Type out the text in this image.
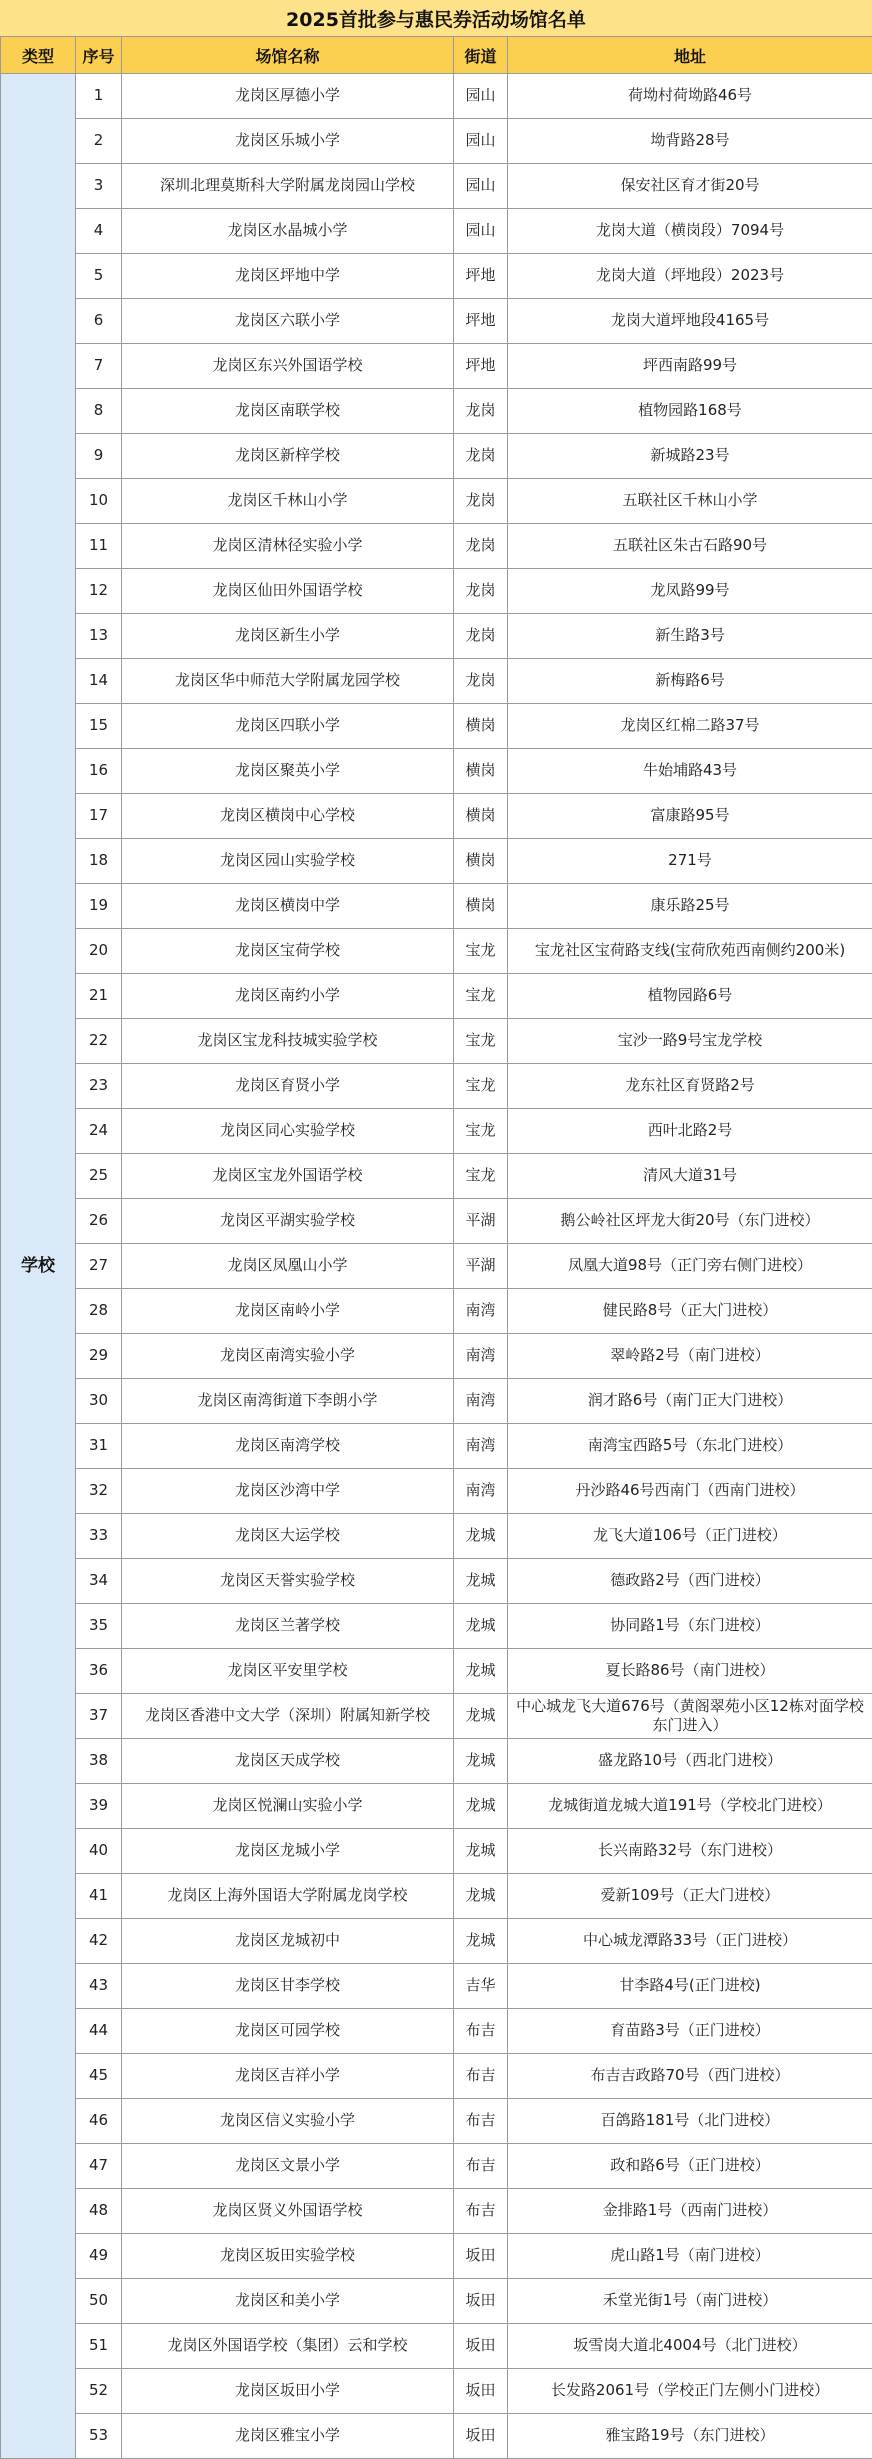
2025首批参与惠民券活动场馆名单
类型	序号	场馆名称	街道	地址
学校	1	龙岗区厚德小学	园山	荷坳村荷坳路46号
	2	龙岗区乐城小学	园山	坳背路28号
	3	深圳北理莫斯科大学附属龙岗园山学校	园山	保安社区育才街20号
	4	龙岗区水晶城小学	园山	龙岗大道（横岗段）7094号
	5	龙岗区坪地中学	坪地	龙岗大道（坪地段）2023号
	6	龙岗区六联小学	坪地	龙岗大道坪地段4165号
	7	龙岗区东兴外国语学校	坪地	坪西南路99号
	8	龙岗区南联学校	龙岗	植物园路168号
	9	龙岗区新梓学校	龙岗	新城路23号
	10	龙岗区千林山小学	龙岗	五联社区千林山小学
	11	龙岗区清林径实验小学	龙岗	五联社区朱古石路90号
	12	龙岗区仙田外国语学校	龙岗	龙凤路99号
	13	龙岗区新生小学	龙岗	新生路3号
	14	龙岗区华中师范大学附属龙园学校	龙岗	新梅路6号
	15	龙岗区四联小学	横岗	龙岗区红棉二路37号
	16	龙岗区聚英小学	横岗	牛始埔路43号
	17	龙岗区横岗中心学校	横岗	富康路95号
	18	龙岗区园山实验学校	横岗	271号
	19	龙岗区横岗中学	横岗	康乐路25号
	20	龙岗区宝荷学校	宝龙	宝龙社区宝荷路支线(宝荷欣苑西南侧约200米)
	21	龙岗区南约小学	宝龙	植物园路6号
	22	龙岗区宝龙科技城实验学校	宝龙	宝沙一路9号宝龙学校
	23	龙岗区育贤小学	宝龙	龙东社区育贤路2号
	24	龙岗区同心实验学校	宝龙	西叶北路2号
	25	龙岗区宝龙外国语学校	宝龙	清风大道31号
	26	龙岗区平湖实验学校	平湖	鹅公岭社区坪龙大街20号（东门进校）
	27	龙岗区凤凰山小学	平湖	凤凰大道98号（正门旁右侧门进校）
	28	龙岗区南岭小学	南湾	健民路8号（正大门进校）
	29	龙岗区南湾实验小学	南湾	翠岭路2号（南门进校）
	30	龙岗区南湾街道下李朗小学	南湾	润才路6号（南门正大门进校）
	31	龙岗区南湾学校	南湾	南湾宝西路5号（东北门进校）
	32	龙岗区沙湾中学	南湾	丹沙路46号西南门（西南门进校）
	33	龙岗区大运学校	龙城	龙飞大道106号（正门进校）
	34	龙岗区天誉实验学校	龙城	德政路2号（西门进校）
	35	龙岗区兰著学校	龙城	协同路1号（东门进校）
	36	龙岗区平安里学校	龙城	夏长路86号（南门进校）
	37	龙岗区香港中文大学（深圳）附属知新学校	龙城	中心城龙飞大道676号（黄阁翠苑小区12栋对面学校东门进入）
	38	龙岗区天成学校	龙城	盛龙路10号（西北门进校）
	39	龙岗区悦澜山实验小学	龙城	龙城街道龙城大道191号（学校北门进校）
	40	龙岗区龙城小学	龙城	长兴南路32号（东门进校）
	41	龙岗区上海外国语大学附属龙岗学校	龙城	爱新109号（正大门进校）
	42	龙岗区龙城初中	龙城	中心城龙潭路33号（正门进校）
	43	龙岗区甘李学校	吉华	甘李路4号(正门进校)
	44	龙岗区可园学校	布吉	育苗路3号（正门进校）
	45	龙岗区吉祥小学	布吉	布吉吉政路70号（西门进校）
	46	龙岗区信义实验小学	布吉	百鸽路181号（北门进校）
	47	龙岗区文景小学	布吉	政和路6号（正门进校）
	48	龙岗区贤义外国语学校	布吉	金排路1号（西南门进校）
	49	龙岗区坂田实验学校	坂田	虎山路1号（南门进校）
	50	龙岗区和美小学	坂田	禾堂光街1号（南门进校）
	51	龙岗区外国语学校（集团）云和学校	坂田	坂雪岗大道北4004号（北门进校）
	52	龙岗区坂田小学	坂田	长发路2061号（学校正门左侧小门进校）
	53	龙岗区雅宝小学	坂田	雅宝路19号（东门进校）
